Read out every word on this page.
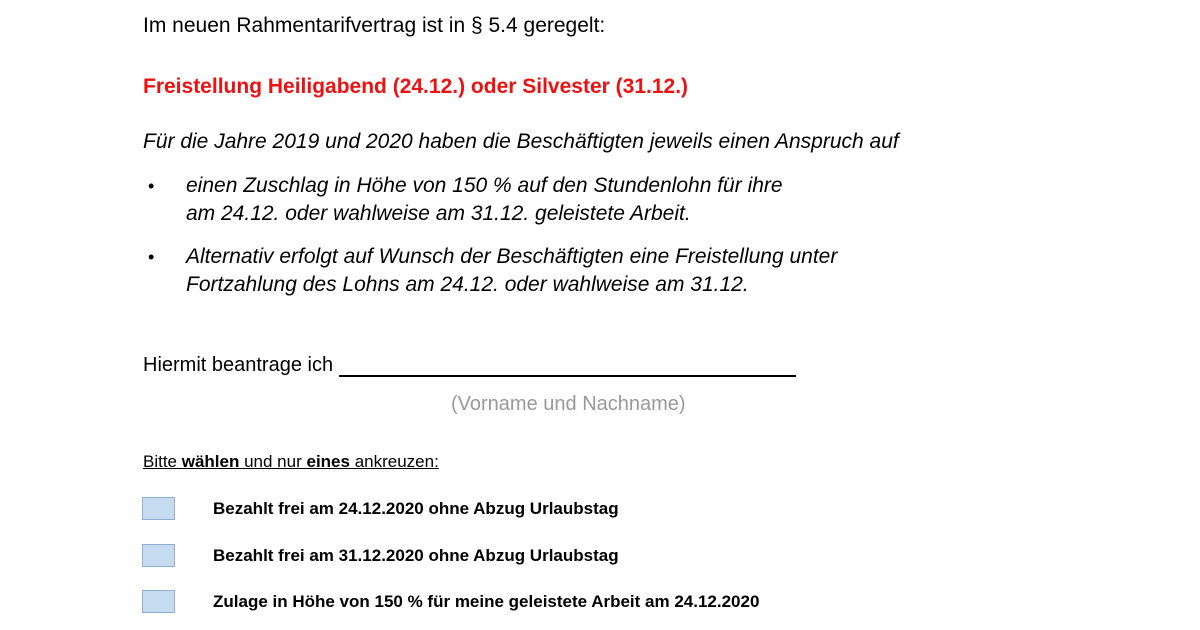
Im neuen Rahmentarifvertrag ist in § 5.4 geregelt:
Freistellung Heiligabend (24.12.) oder Silvester (31.12.)
Für die Jahre 2019 und 2020 haben die Beschäftigten jeweils einen Anspruch auf
• einen Zuschlag in Höhe von 150 % auf den Stundenlohn für ihre
am 24.12. oder wahlweise am 31.12. geleistete Arbeit.
• Alternativ erfolgt auf Wunsch der Beschäftigten eine Freistellung unter
Fortzahlung des Lohns am 24.12. oder wahlweise am 31.12.
Hiermit beantrage ich
(Vorname und Nachname)
Bitte wählen und nur eines ankreuzen:
Bezahlt frei am 24.12.2020 ohne Abzug Urlaubstag
Bezahlt frei am 31.12.2020 ohne Abzug Urlaubstag
Zulage in Höhe von 150 % für meine geleistete Arbeit am 24.12.2020
